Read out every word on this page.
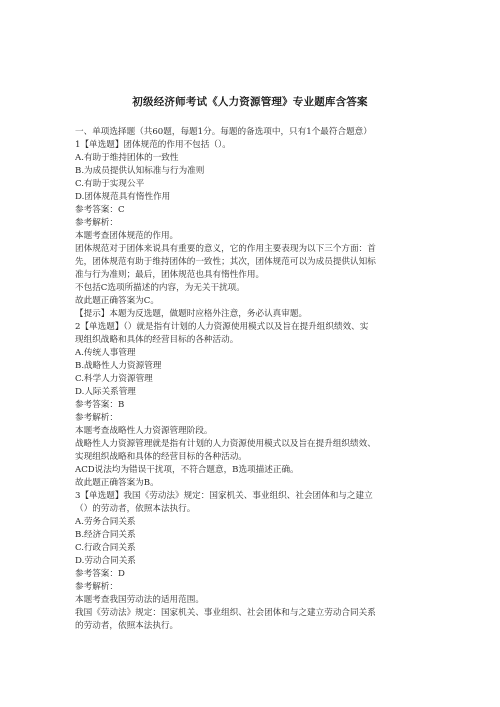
初级经济师考试《人力资源管理》专业题库含答案
一、单项选择题（共60题，每题1分。每题的备选项中，只有1个最符合题意）
1【单选题】团体规范的作用不包括（）。
A.有助于维持团体的一致性
B.为成员提供认知标准与行为准则
C.有助于实现公平
D.团体规范具有惰性作用
参考答案：C
参考解析：
本题考查团体规范的作用。
团体规范对于团体来说具有重要的意义，它的作用主要表现为以下三个方面：首
先，团体规范有助于维持团体的一致性；其次，团体规范可以为成员提供认知标
准与行为准则；最后，团体规范也具有惰性作用。
不包括C选项所描述的内容，为无关干扰项。
故此题正确答案为C。
【提示】本题为反选题，做题时应格外注意，务必认真审题。
2【单选题】（）就是指有计划的人力资源使用模式以及旨在提升组织绩效、实
现组织战略和具体的经营目标的各种活动。
A.传统人事管理
B.战略性人力资源管理
C.科学人力资源管理
D.人际关系管理
参考答案：B
参考解析：
本题考查战略性人力资源管理阶段。
战略性人力资源管理就是指有计划的人力资源使用模式以及旨在提升组织绩效、
实现组织战略和具体的经营目标的各种活动。
ACD说法均为错误干扰项，不符合题意，B选项描述正确。
故此题正确答案为B。
3【单选题】我国《劳动法》规定：国家机关、事业组织、社会团体和与之建立
（）的劳动者，依照本法执行。
A.劳务合同关系
B.经济合同关系
C.行政合同关系
D.劳动合同关系
参考答案：D
参考解析：
本题考查我国劳动法的适用范围。
我国《劳动法》规定：国家机关、事业组织、社会团体和与之建立劳动合同关系
的劳动者，依照本法执行。
